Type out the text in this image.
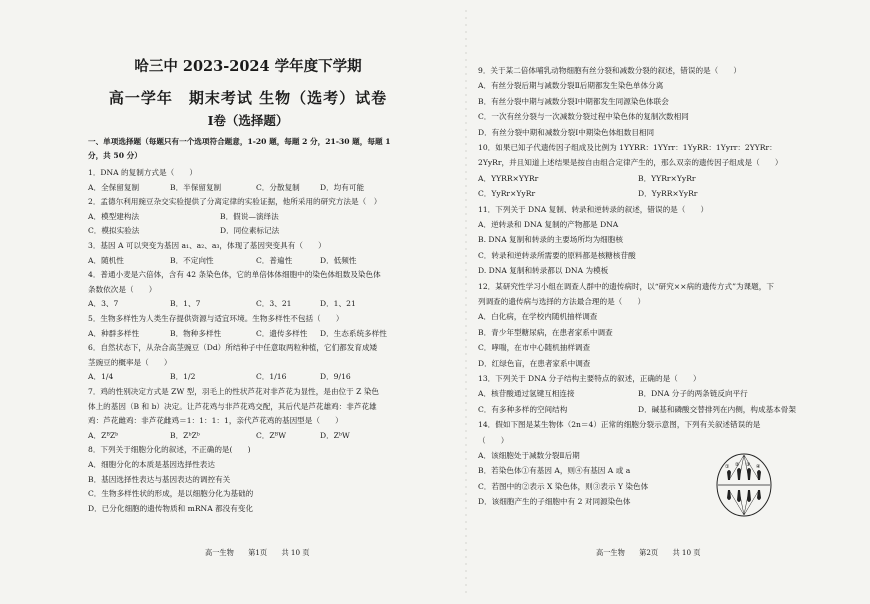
哈三中 2023-2024 学年度下学期
高一学年　期末考试 生物（选考）试卷
Ⅰ卷（选择题）
一、单项选择题（每题只有一个选项符合题意，1-20 题，每题 2 分，21-30 题，每题 1
分，共 50 分）
1．DNA 的复制方式是（　　）
A．全保留复制	B．半保留复制	C．分散复制	D．均有可能
2．孟德尔利用豌豆杂交实验提供了分离定律的实验证据，他所采用的研究方法是（　）
A．模型建构法	B．假说—演绎法
C．模拟实验法	D．同位素标记法
3．基因 A 可以突变为基因 a₁、a₂、a₃，体现了基因突变具有（　　）
A．随机性	B．不定向性	C．普遍性	D．低频性
4．普通小麦是六倍体，含有 42 条染色体，它的单倍体体细胞中的染色体组数及染色体
条数依次是（　　）
A．3、7	B．1、7	C．3、21	D．1、21
5．生物多样性为人类生存提供资源与适宜环境。生物多样性不包括（　　）
A．种群多样性	B．物种多样性	C．遗传多样性 D．生态系统多样性
6．自然状态下，从杂合高茎豌豆（Dd）所结种子中任意取两粒种植，它们都发育成矮
茎豌豆的概率是（　　）
A．1/4	B．1/2	C．1/16	D．9/16
7．鸡的性别决定方式是 ZW 型，羽毛上的性状芦花对非芦花为显性，是由位于 Z 染色
体上的基因（B 和 b）决定。让芦花鸡与非芦花鸡交配，其后代是芦花雄鸡：非芦花雄
鸡：芦花雌鸡：非芦花雌鸡＝1：1：1：1，亲代芦花鸡的基因型是（　　）
A．ZᴮZᵇ	B．ZᵇZᵇ	C．ZᴮW	D．ZᵇW
8．下列关于细胞分化的叙述，不正确的是(　　)
A．细胞分化的本质是基因选择性表达
B．基因选择性表达与基因表达的调控有关
C．生物多样性状的形成，是以细胞分化为基础的
D．已分化细胞的遗传物质和 mRNA 都没有变化
9．关于某二倍体哺乳动物细胞有丝分裂和减数分裂的叙述，错误的是（　　）
A．有丝分裂后期与减数分裂Ⅱ后期都发生染色单体分离
B．有丝分裂中期与减数分裂Ⅰ中期都发生同源染色体联会
C．一次有丝分裂与一次减数分裂过程中染色体的复制次数相同
D．有丝分裂中期和减数分裂Ⅰ中期染色体组数目相同
10．如果已知子代遗传因子组成及比例为 1YYRR：1YYrr：1YyRR：1Yyrr：2YYRr：
2YyRr，并且知道上述结果是按自由组合定律产生的，那么双亲的遗传因子组成是（　　）
A．YYRR×YYRr	B．YYRr×YyRr
C．YyRr×YyRr	D．YyRR×YyRr
11．下列关于 DNA 复制、转录和逆转录的叙述，错误的是（　　）
A．逆转录和 DNA 复制的产物都是 DNA
B. DNA 复制和转录的主要场所均为细胞核
C．转录和逆转录所需要的原料都是核糖核苷酸
D. DNA 复制和转录都以 DNA 为模板
12．某研究性学习小组在调查人群中的遗传病时，以“研究××病的遗传方式”为课题，下
列调查的遗传病与选择的方法最合理的是（　　）
A．白化病，在学校内随机抽样调查
B．青少年型糖尿病，在患者家系中调查
C．哮喘，在市中心随机抽样调查
D．红绿色盲，在患者家系中调查
13．下列关于 DNA 分子结构主要特点的叙述，正确的是（　　）
A．核苷酸通过氢键互相连接	B．DNA 分子的两条链反向平行
C．有多种多样的空间结构	D．碱基和磷酸交替排列在内侧，构成基本骨架
14．假如下图是某生物体（2n＝4）正常的细胞分裂示意图，下列有关叙述错误的是
（　　）
A．该细胞处于减数分裂Ⅱ后期
B．若染色体①有基因 A，则④有基因 A 或 a
C．若图中的②表示 X 染色体，则③表示 Y 染色体
D．该细胞产生的子细胞中有 2 对同源染色体
① ② ③ ④
高一生物　　第1页　　共 10 页	高一生物　　第2页　　共 10 页
